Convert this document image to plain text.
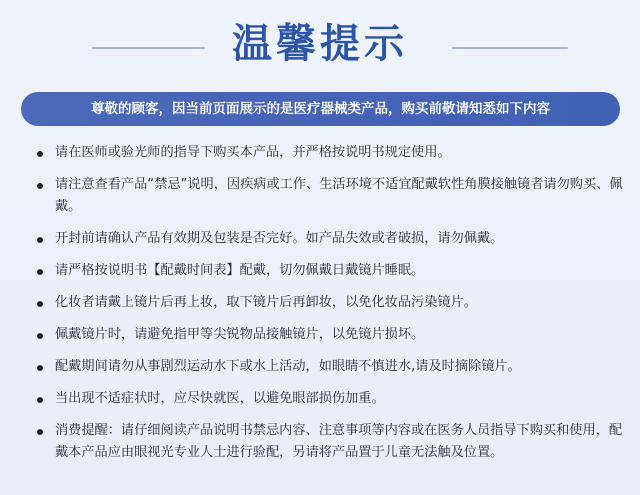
温馨提示
尊敬的顾客，因当前页面展示的是医疗器械类产品，购买前敬请知悉如下内容
请在医师或验光师的指导下购买本产品，并严格按说明书规定使用。
请注意查看产品“禁忌”说明，因疾病或工作、生活环境不适宜配戴软性角膜接触镜者请勿购买、佩戴。
开封前请确认产品有效期及包装是否完好。如产品失效或者破损，请勿佩戴。
请严格按说明书【配戴时间表】配戴，切勿佩戴日戴镜片睡眠。
化妆者请戴上镜片后再上妆，取下镜片后再卸妆，以免化妆品污染镜片。
佩戴镜片时，请避免指甲等尖锐物品接触镜片，以免镜片损坏。
配戴期间请勿从事剧烈运动水下或水上活动，如眼睛不慎进水,请及时摘除镜片。
当出现不适症状时，应尽快就医，以避免眼部损伤加重。
消费提醒：请仔细阅读产品说明书禁忌内容、注意事项等内容或在医务人员指导下购买和使用，配戴本产品应由眼视光专业人士进行验配，另请将产品置于儿童无法触及位置。
